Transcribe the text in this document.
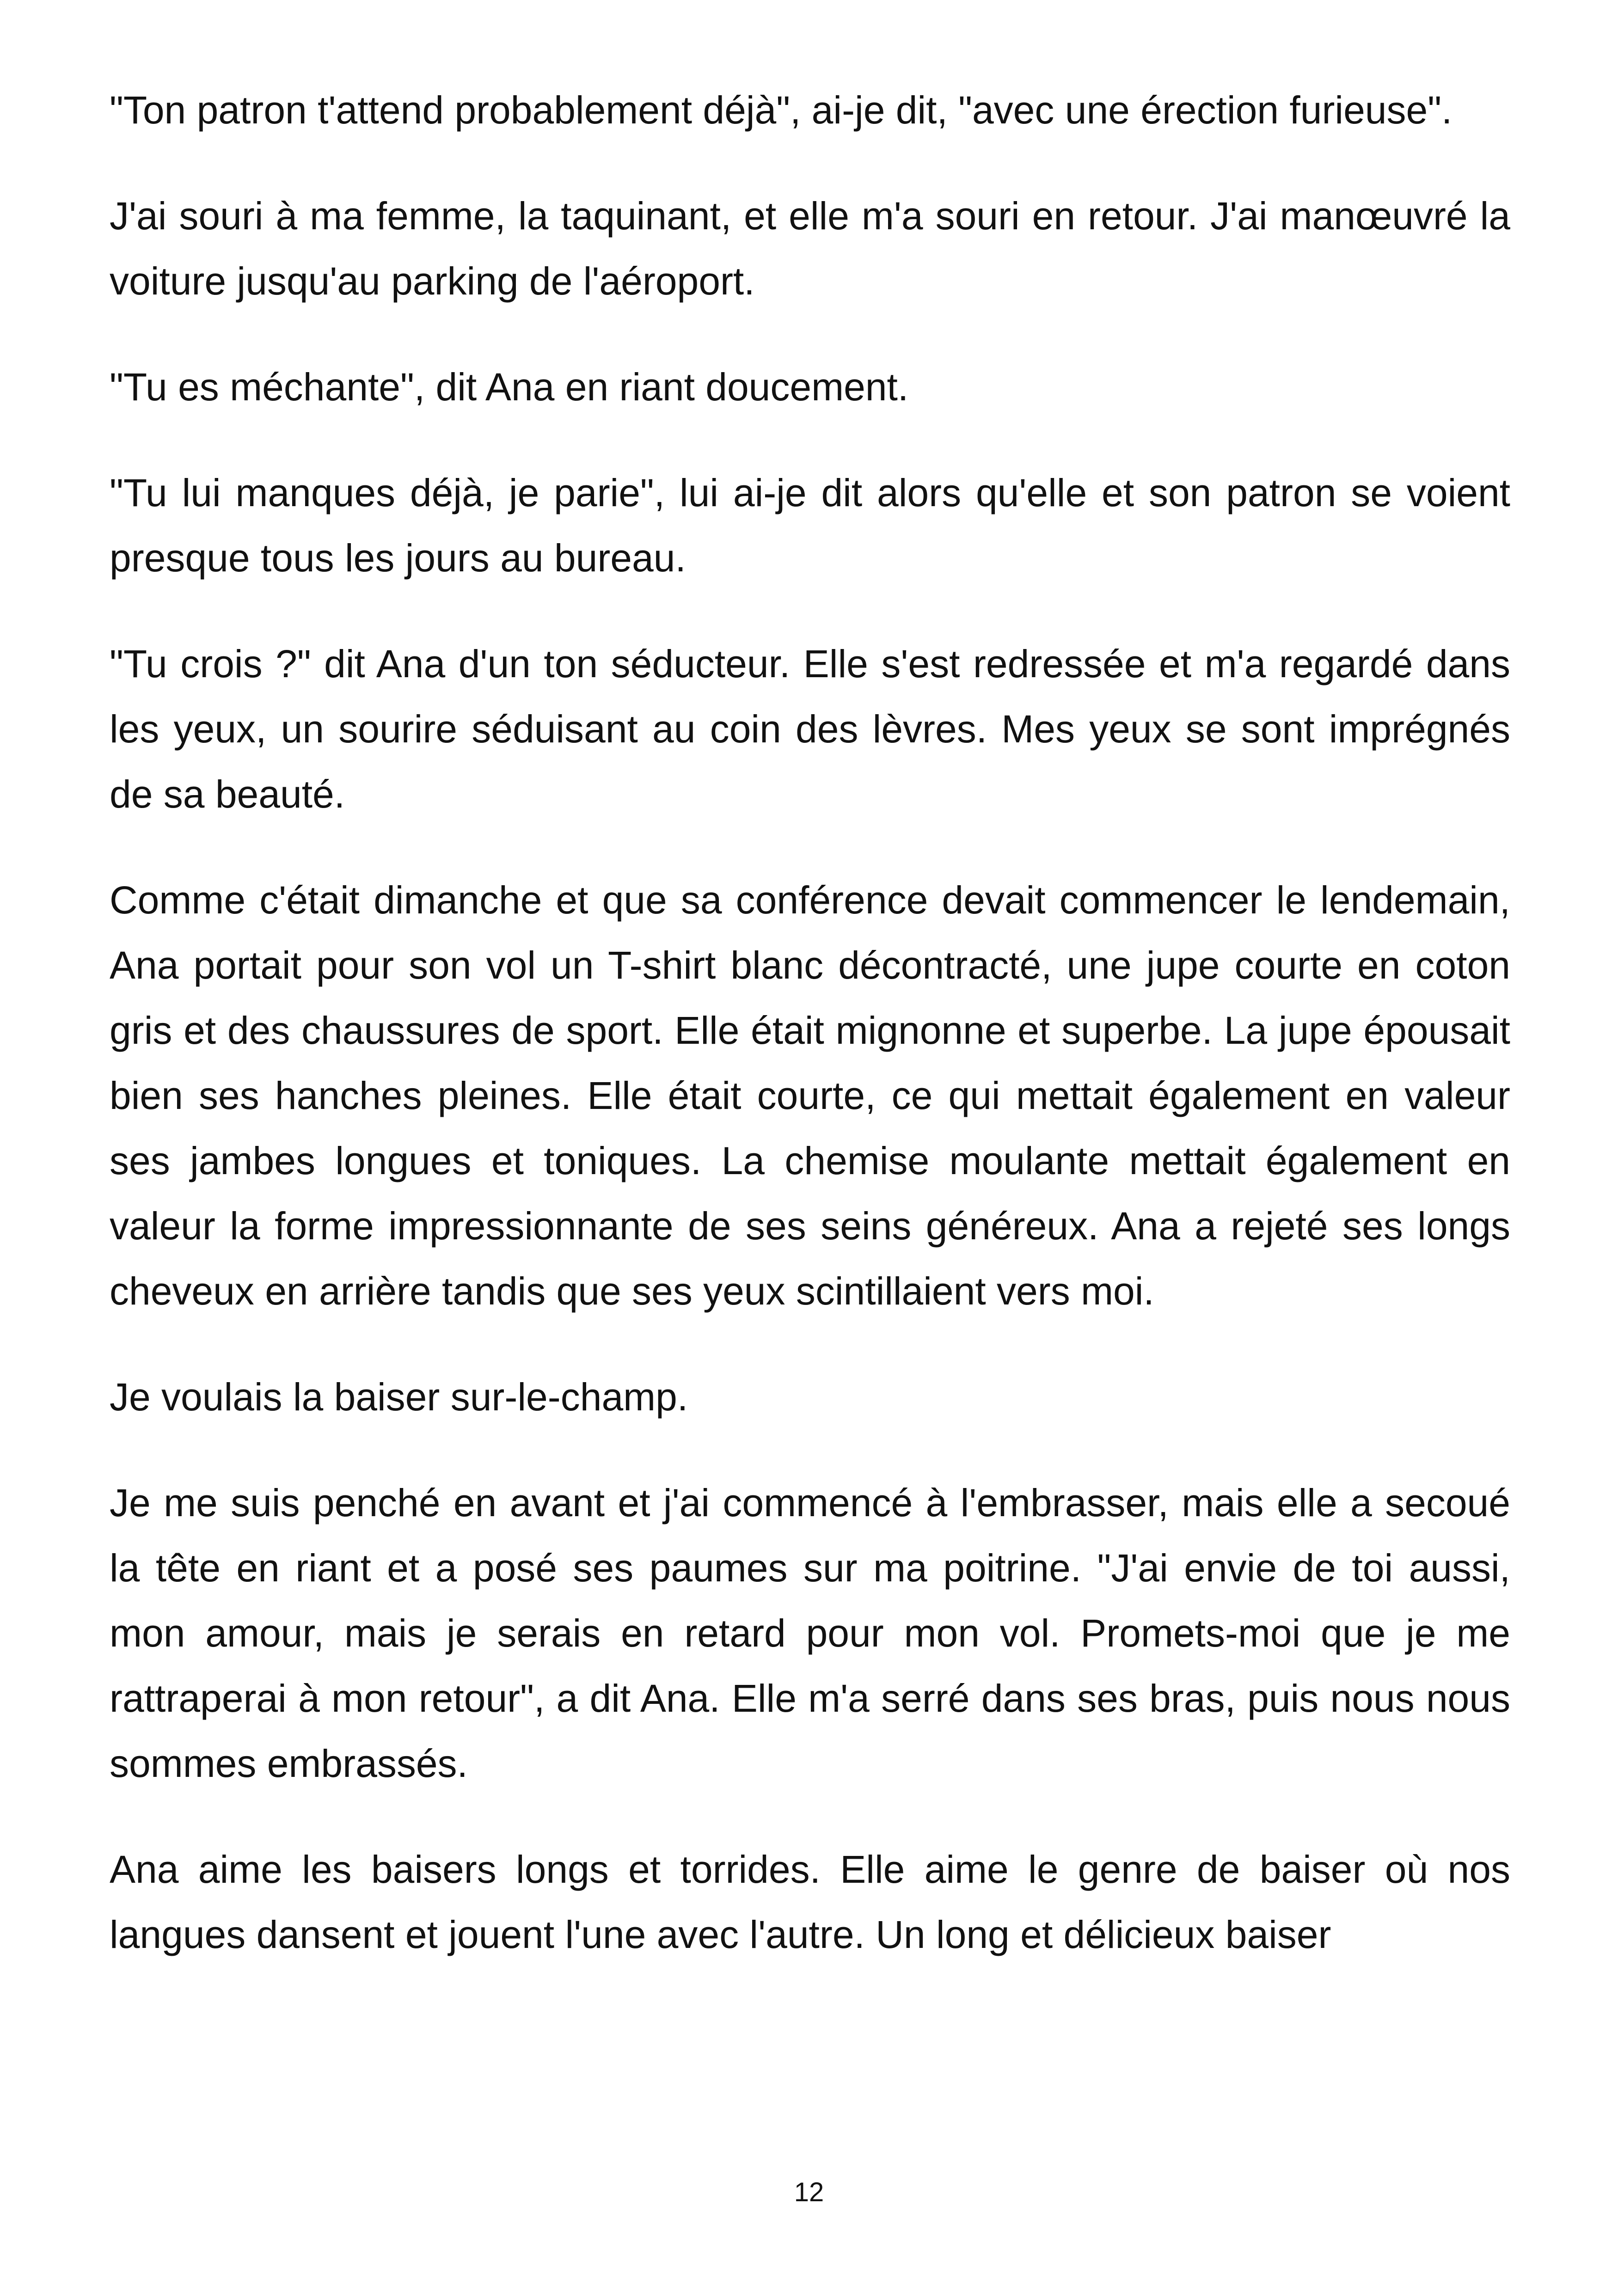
"Ton patron t'attend probablement déjà", ai-je dit, "avec une érection furieuse".

J'ai souri à ma femme, la taquinant, et elle m'a souri en retour. J'ai manœuvré la voiture jusqu'au parking de l'aéroport.

"Tu es méchante", dit Ana en riant doucement.

"Tu lui manques déjà, je parie", lui ai-je dit alors qu'elle et son patron se voient presque tous les jours au bureau.

"Tu crois ?" dit Ana d'un ton séducteur. Elle s'est redressée et m'a regardé dans les yeux, un sourire séduisant au coin des lèvres. Mes yeux se sont imprégnés de sa beauté.

Comme c'était dimanche et que sa conférence devait commencer le lendemain, Ana portait pour son vol un T-shirt blanc décontracté, une jupe courte en coton gris et des chaussures de sport. Elle était mignonne et superbe. La jupe épousait bien ses hanches pleines. Elle était courte, ce qui mettait également en valeur ses jambes longues et toniques. La chemise moulante mettait également en valeur la forme impressionnante de ses seins généreux. Ana a rejeté ses longs cheveux en arrière tandis que ses yeux scintillaient vers moi.

Je voulais la baiser sur-le-champ.

Je me suis penché en avant et j'ai commencé à l'embrasser, mais elle a secoué la tête en riant et a posé ses paumes sur ma poitrine. "J'ai envie de toi aussi, mon amour, mais je serais en retard pour mon vol. Promets-moi que je me rattraperai à mon retour", a dit Ana. Elle m'a serré dans ses bras, puis nous nous sommes embrassés.

Ana aime les baisers longs et torrides. Elle aime le genre de baiser où nos langues dansent et jouent l'une avec l'autre. Un long et délicieux baiser

12
